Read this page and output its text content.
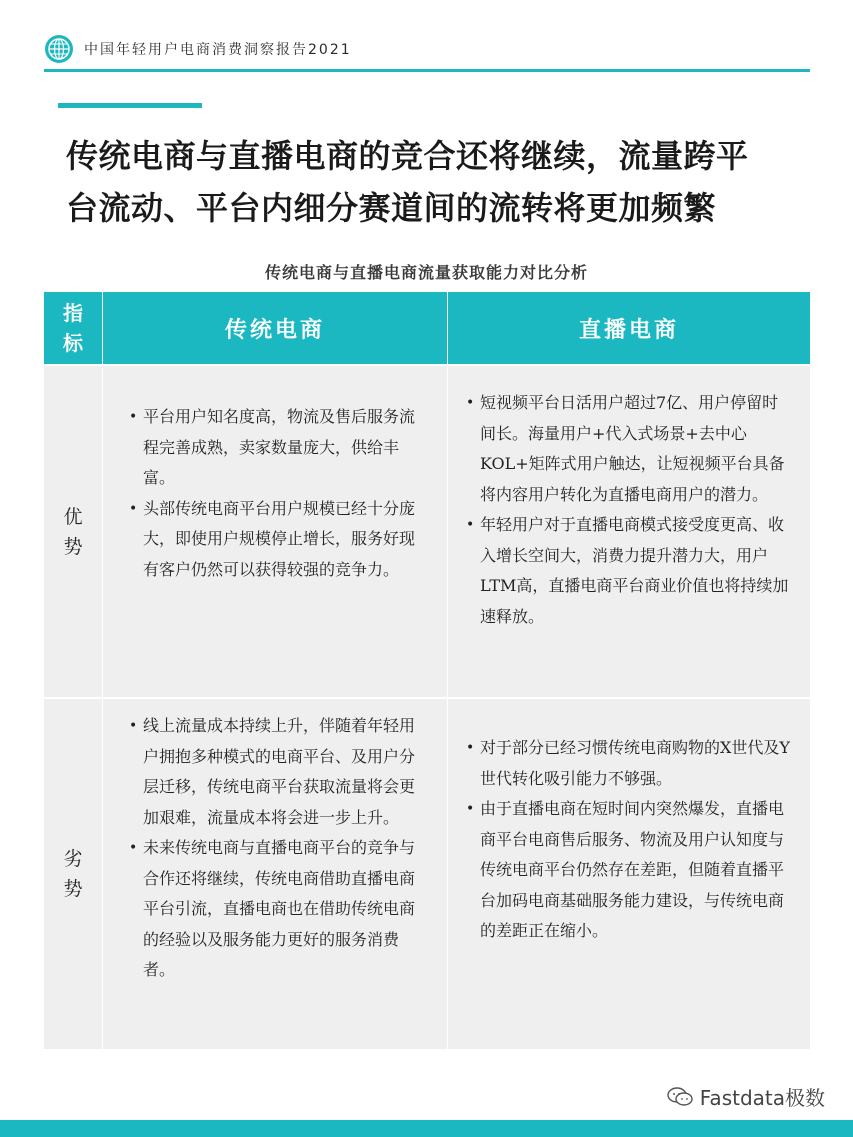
中国年轻用户电商消费洞察报告2021
传统电商与直播电商的竞合还将继续，流量跨平
台流动、平台内细分赛道间的流转将更加频繁
传统电商与直播电商流量获取能力对比分析
指标
传统电商	直播电商
优势
• 平台用户知名度高，物流及售后服务流程完善成熟，卖家数量庞大，供给丰富。
• 头部传统电商平台用户规模已经十分庞大，即使用户规模停止增长，服务好现有客户仍然可以获得较强的竞争力。
• 短视频平台日活用户超过7亿、用户停留时间长。海量用户+代入式场景+去中心KOL+矩阵式用户触达，让短视频平台具备将内容用户转化为直播电商用户的潜力。
• 年轻用户对于直播电商模式接受度更高、收入增长空间大，消费力提升潜力大，用户LTM高，直播电商平台商业价值也将持续加速释放。
劣势
• 线上流量成本持续上升，伴随着年轻用户拥抱多种模式的电商平台、及用户分层迁移，传统电商平台获取流量将会更加艰难，流量成本将会进一步上升。
• 未来传统电商与直播电商平台的竞争与合作还将继续，传统电商借助直播电商平台引流，直播电商也在借助传统电商的经验以及服务能力更好的服务消费者。
• 对于部分已经习惯传统电商购物的X世代及Y世代转化吸引能力不够强。
• 由于直播电商在短时间内突然爆发，直播电商平台电商售后服务、物流及用户认知度与传统电商平台仍然存在差距，但随着直播平台加码电商基础服务能力建设，与传统电商的差距正在缩小。
Fastdata极数
